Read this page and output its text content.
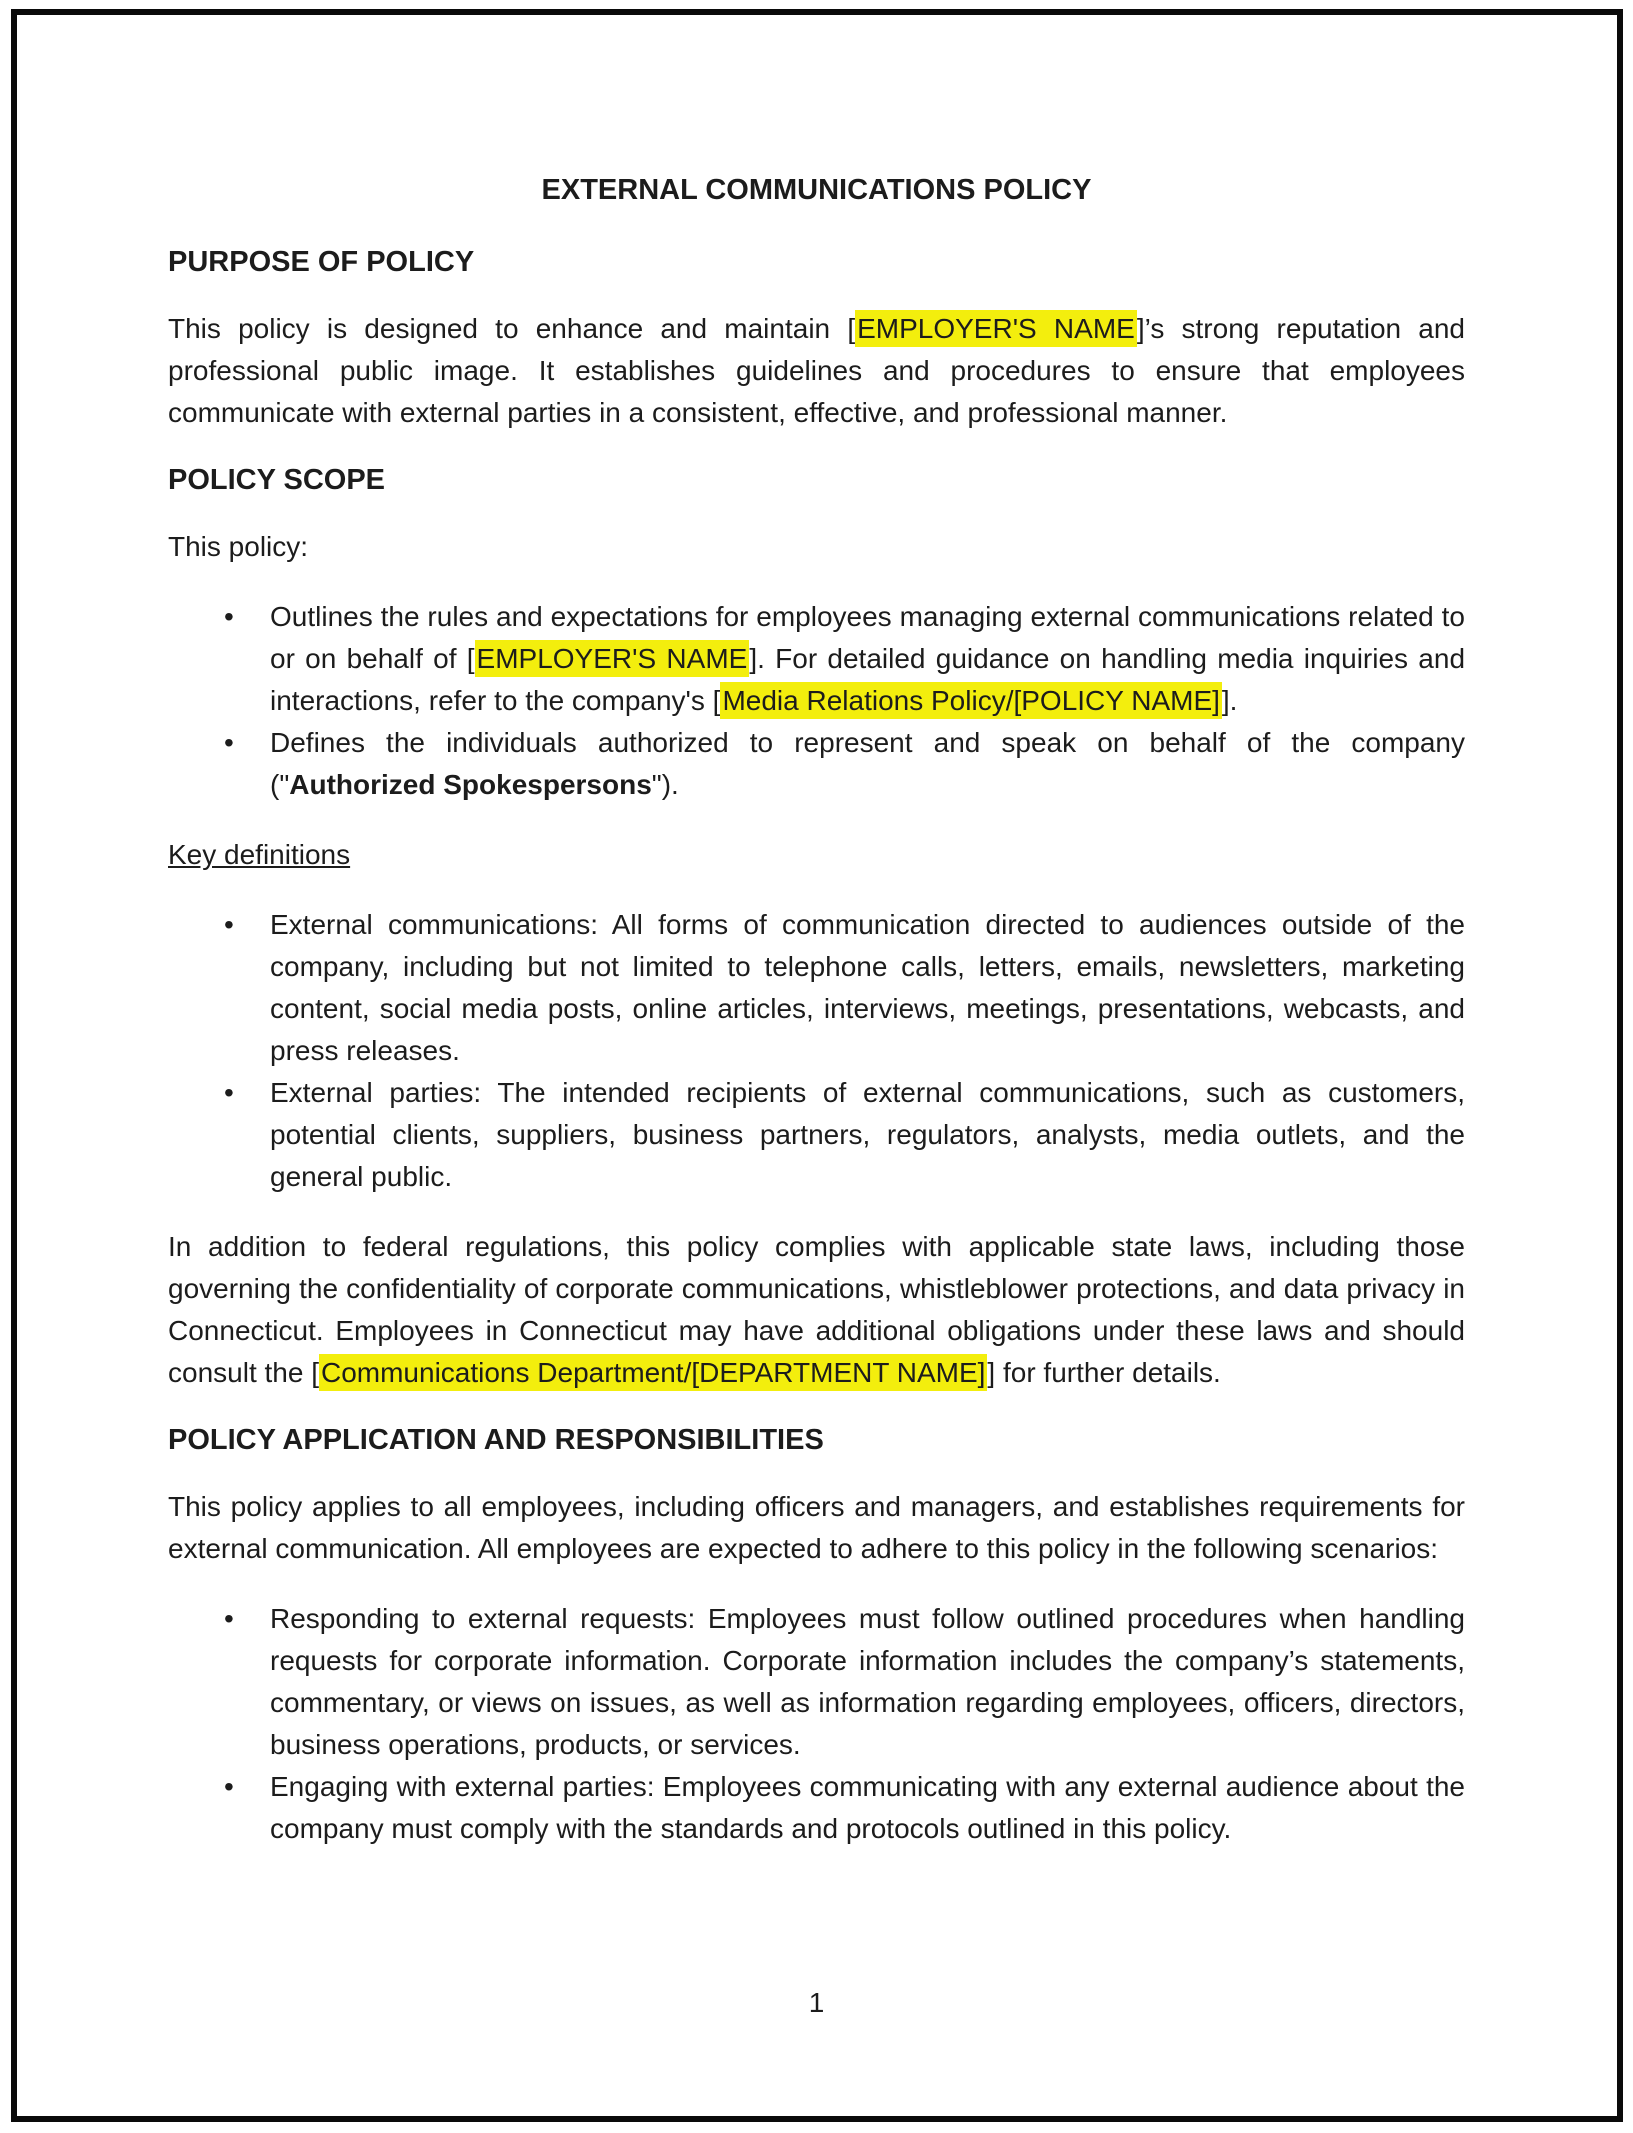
EXTERNAL COMMUNICATIONS POLICY

PURPOSE OF POLICY

This policy is designed to enhance and maintain [EMPLOYER'S NAME]’s strong reputation and professional public image. It establishes guidelines and procedures to ensure that employees communicate with external parties in a consistent, effective, and professional manner.

POLICY SCOPE

This policy:

• Outlines the rules and expectations for employees managing external communications related to or on behalf of [EMPLOYER'S NAME]. For detailed guidance on handling media inquiries and interactions, refer to the company's [Media Relations Policy/[POLICY NAME]].
• Defines the individuals authorized to represent and speak on behalf of the company ("Authorized Spokespersons").

Key definitions

• External communications: All forms of communication directed to audiences outside of the company, including but not limited to telephone calls, letters, emails, newsletters, marketing content, social media posts, online articles, interviews, meetings, presentations, webcasts, and press releases.
• External parties: The intended recipients of external communications, such as customers, potential clients, suppliers, business partners, regulators, analysts, media outlets, and the general public.

In addition to federal regulations, this policy complies with applicable state laws, including those governing the confidentiality of corporate communications, whistleblower protections, and data privacy in Connecticut. Employees in Connecticut may have additional obligations under these laws and should consult the [Communications Department/[DEPARTMENT NAME]] for further details.

POLICY APPLICATION AND RESPONSIBILITIES

This policy applies to all employees, including officers and managers, and establishes requirements for external communication. All employees are expected to adhere to this policy in the following scenarios:

• Responding to external requests: Employees must follow outlined procedures when handling requests for corporate information. Corporate information includes the company’s statements, commentary, or views on issues, as well as information regarding employees, officers, directors, business operations, products, or services.
• Engaging with external parties: Employees communicating with any external audience about the company must comply with the standards and protocols outlined in this policy.
1
